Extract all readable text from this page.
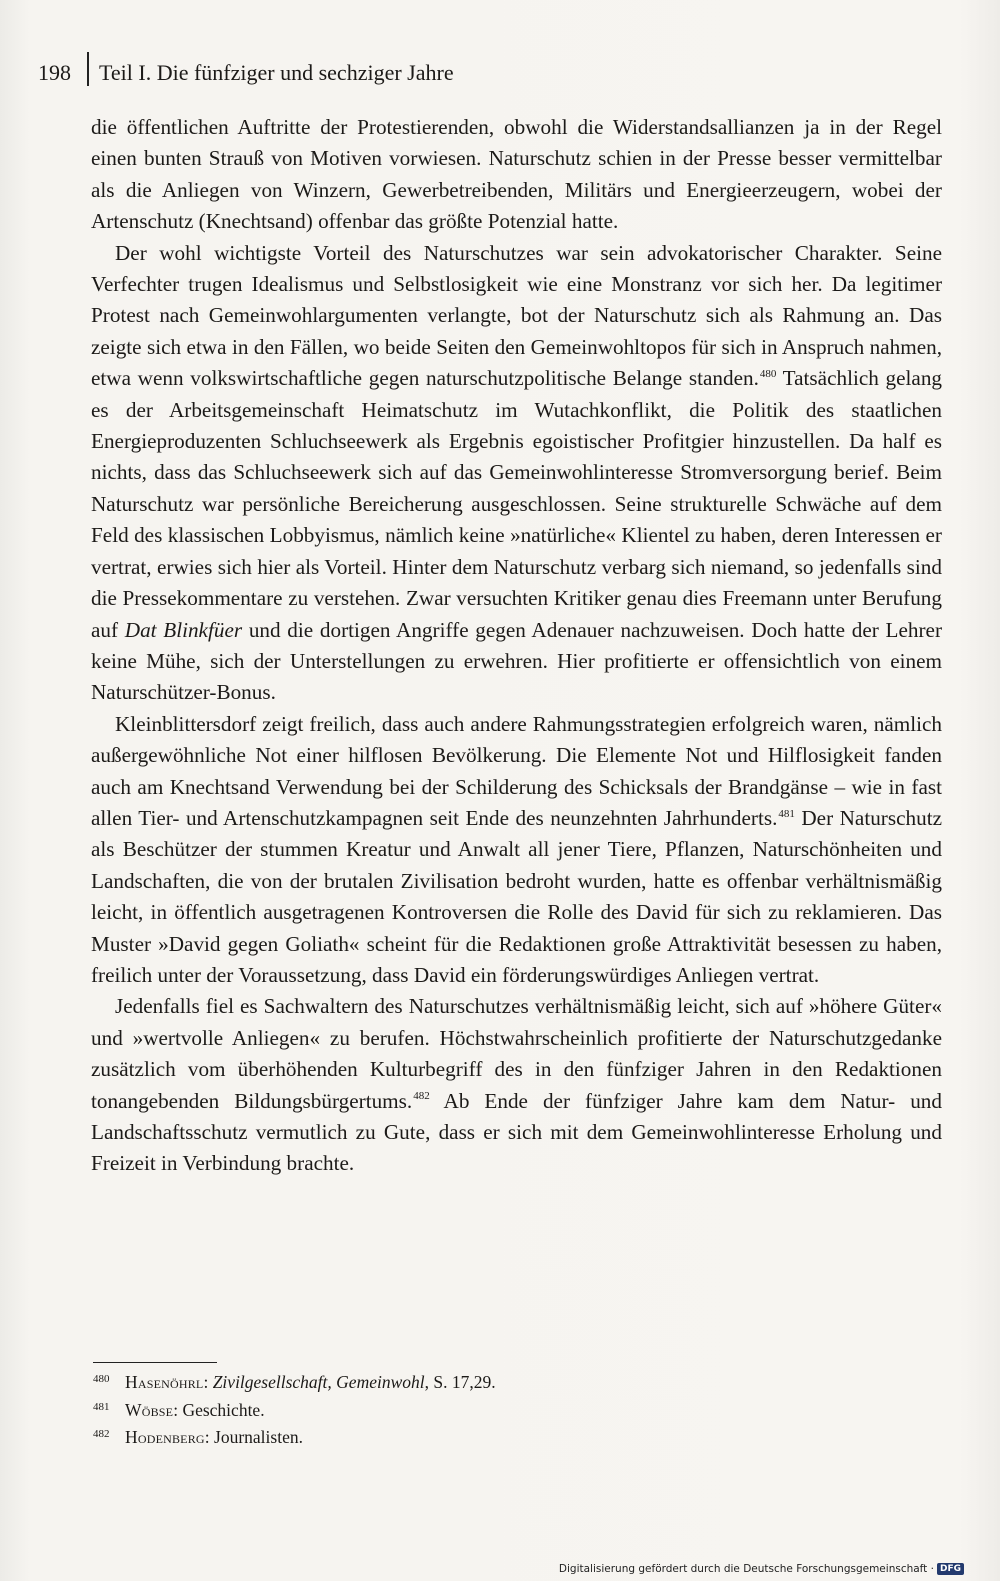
198 Teil I. Die fünfziger und sechziger Jahre

die öffentlichen Auftritte der Protestierenden, obwohl die Widerstandsallianzen ja in der Regel einen bunten Strauß von Motiven vorwiesen. Naturschutz schien in der Presse besser vermittelbar als die Anliegen von Winzern, Gewerbetreibenden, Militärs und Energieerzeugern, wobei der Artenschutz (Knechtsand) offenbar das größte Potenzial hatte.

Der wohl wichtigste Vorteil des Naturschutzes war sein advokatorischer Charakter. Seine Verfechter trugen Idealismus und Selbstlosigkeit wie eine Monstranz vor sich her. Da legitimer Protest nach Gemeinwohlargumenten verlangte, bot der Naturschutz sich als Rahmung an. Das zeigte sich etwa in den Fällen, wo beide Seiten den Gemeinwohltopos für sich in Anspruch nahmen, etwa wenn volkswirtschaftliche gegen naturschutzpolitische Belange standen.$^{480}$ Tatsächlich gelang es der Arbeitsgemeinschaft Heimatschutz im Wutachkonflikt, die Politik des staatlichen Energieproduzenten Schluchseewerk als Ergebnis egoistischer Profitgier hinzustellen. Da half es nichts, dass das Schluchseewerk sich auf das Gemeinwohlinteresse Stromversorgung berief. Beim Naturschutz war persönliche Bereicherung ausgeschlossen. Seine strukturelle Schwäche auf dem Feld des klassischen Lobbyismus, nämlich keine »natürliche« Klientel zu haben, deren Interessen er vertrat, erwies sich hier als Vorteil. Hinter dem Naturschutz verbarg sich niemand, so jedenfalls sind die Pressekommentare zu verstehen. Zwar versuchten Kritiker genau dies Freemann unter Berufung auf Dat Blinkfüer und die dortigen Angriffe gegen Adenauer nachzuweisen. Doch hatte der Lehrer keine Mühe, sich der Unterstellungen zu erwehren. Hier profitierte er offensichtlich von einem Naturschützer-Bonus.

Kleinblittersdorf zeigt freilich, dass auch andere Rahmungsstrategien erfolgreich waren, nämlich außergewöhnliche Not einer hilflosen Bevölkerung. Die Elemente Not und Hilflosigkeit fanden auch am Knechtsand Verwendung bei der Schilderung des Schicksals der Brandgänse – wie in fast allen Tier- und Artenschutzkampagnen seit Ende des neunzehnten Jahrhunderts.$^{481}$ Der Naturschutz als Beschützer der stummen Kreatur und Anwalt all jener Tiere, Pflanzen, Naturschönheiten und Landschaften, die von der brutalen Zivilisation bedroht wurden, hatte es offenbar verhältnismäßig leicht, in öffentlich ausgetragenen Kontroversen die Rolle des David für sich zu reklamieren. Das Muster »David gegen Goliath« scheint für die Redaktionen große Attraktivität besessen zu haben, freilich unter der Voraussetzung, dass David ein förderungswürdiges Anliegen vertrat.

Jedenfalls fiel es Sachwaltern des Naturschutzes verhältnismäßig leicht, sich auf »höhere Güter« und »wertvolle Anliegen« zu berufen. Höchstwahrscheinlich profitierte der Naturschutzgedanke zusätzlich vom überhöhenden Kulturbegriff des in den fünfziger Jahren in den Redaktionen tonangebenden Bildungsbürgertums.$^{482}$ Ab Ende der fünfziger Jahre kam dem Natur- und Landschaftsschutz vermutlich zu Gute, dass er sich mit dem Gemeinwohlinteresse Erholung und Freizeit in Verbindung brachte.

480 Hasenöhrl: Zivilgesellschaft, Gemeinwohl, S. 17,29.
481 Wöbse: Geschichte.
482 Hodenberg: Journalisten.
Digitalisierung gefördert durch die Deutsche Forschungsgemeinschaft · DFG
